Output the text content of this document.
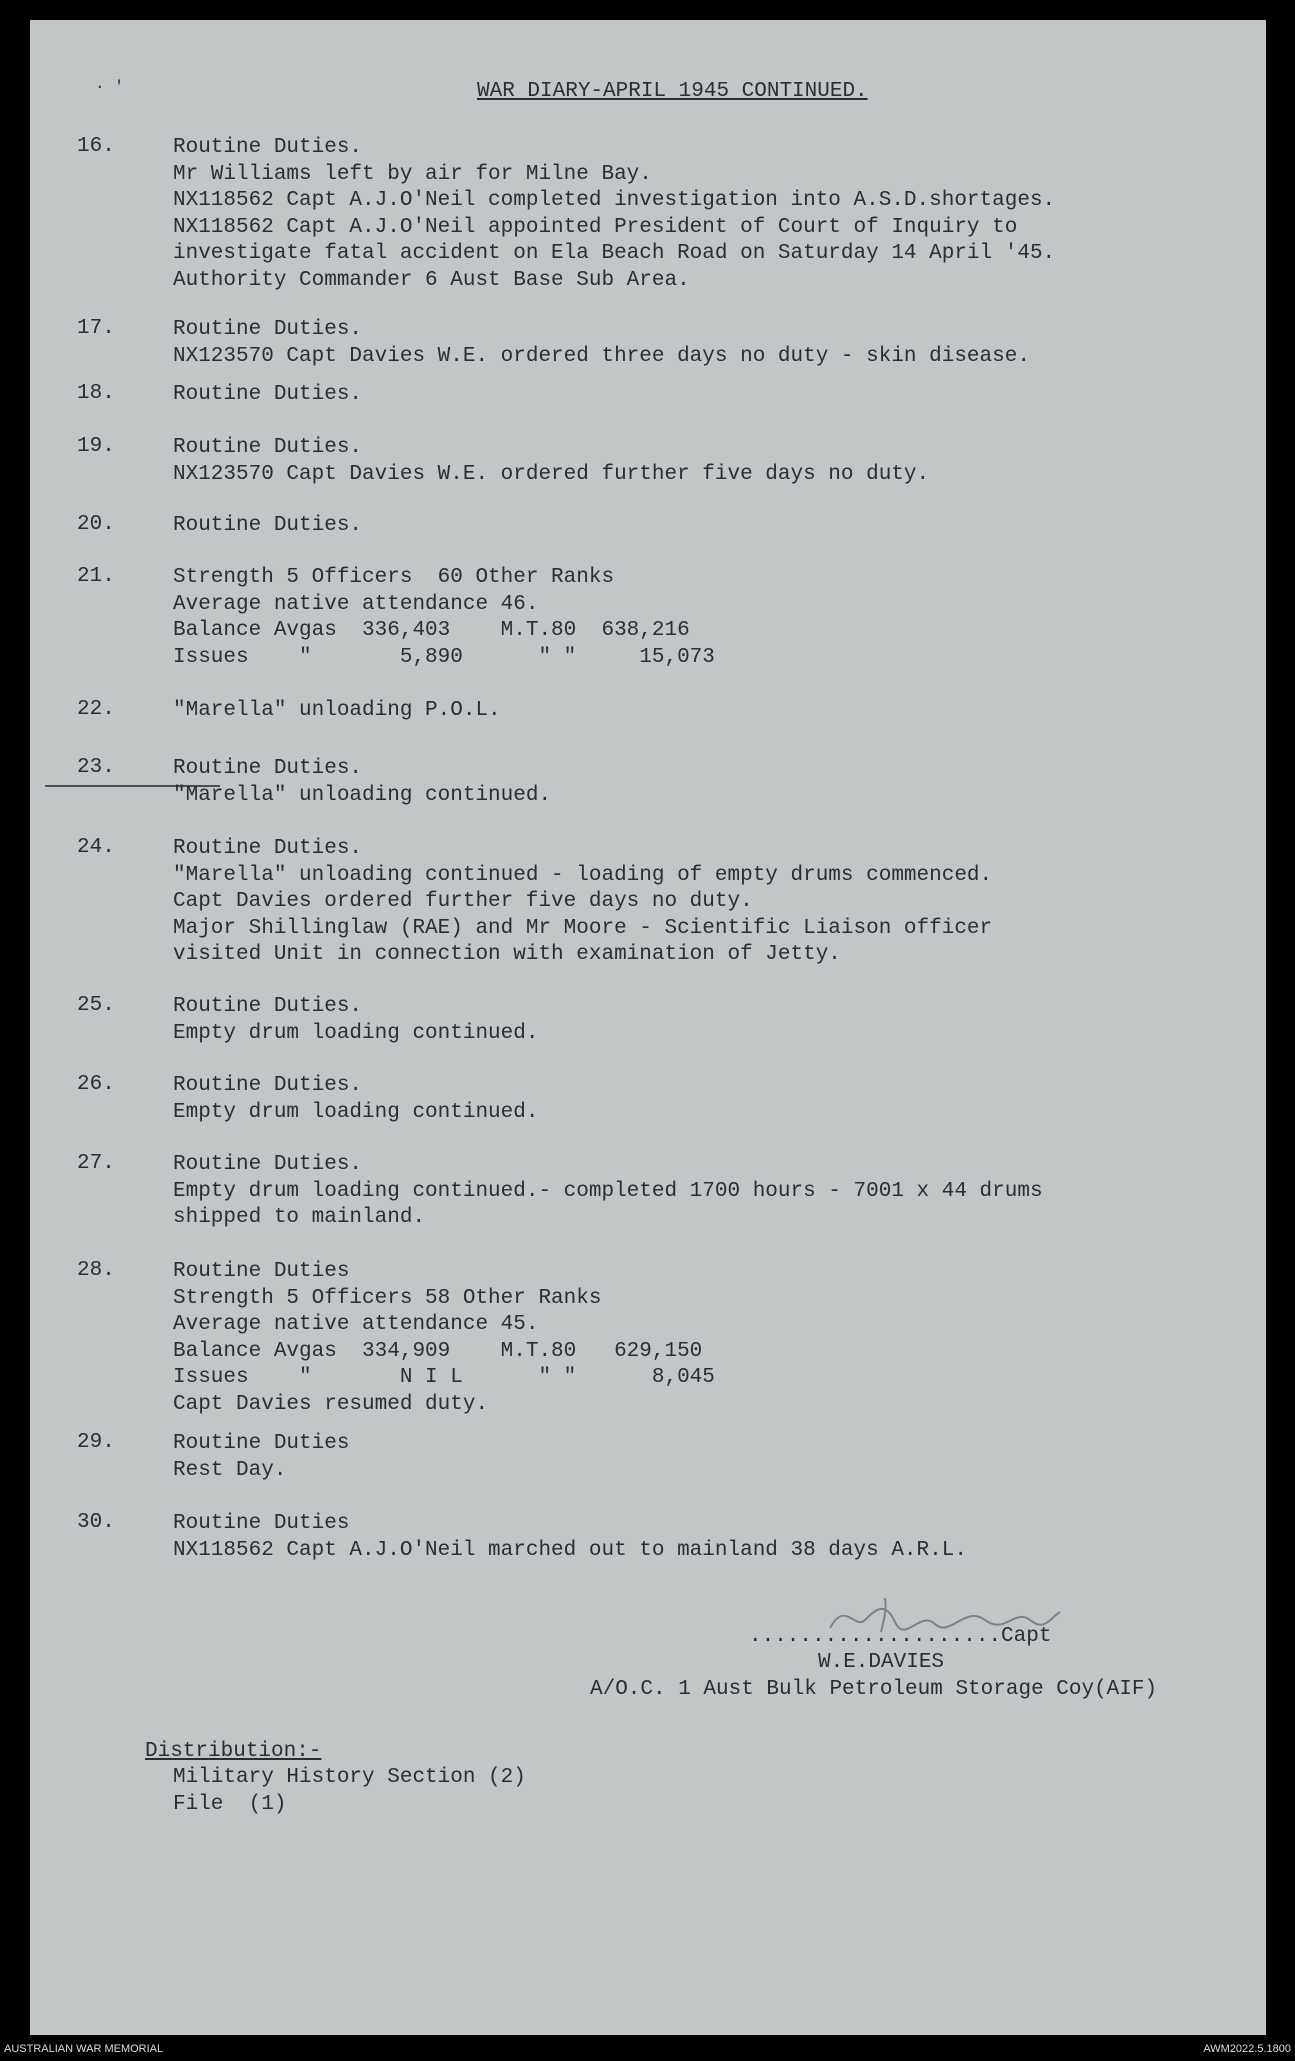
· '	WAR DIARY-APRIL 1945 CONTINUED.
16.	Routine Duties.
Mr Williams left by air for Milne Bay.
NX118562 Capt A.J.O'Neil completed investigation into A.S.D.shortages.
NX118562 Capt A.J.O'Neil appointed President of Court of Inquiry to
investigate fatal accident on Ela Beach Road on Saturday 14 April '45.
Authority Commander 6 Aust Base Sub Area.
17.	Routine Duties.
NX123570 Capt Davies W.E. ordered three days no duty - skin disease.
18.	Routine Duties.
19.	Routine Duties.
NX123570 Capt Davies W.E. ordered further five days no duty.
20.	Routine Duties.
21.	Strength 5 Officers  60 Other Ranks
Average native attendance 46.
Balance Avgas  336,403    M.T.80  638,216
Issues    "       5,890      " "     15,073
22.	"Marella" unloading P.O.L.
23.	Routine Duties.
"Marella" unloading continued.
24.	Routine Duties.
"Marella" unloading continued - loading of empty drums commenced.
Capt Davies ordered further five days no duty.
Major Shillinglaw (RAE) and Mr Moore - Scientific Liaison officer
visited Unit in connection with examination of Jetty.
25.	Routine Duties.
Empty drum loading continued.
26.	Routine Duties.
Empty drum loading continued.
27.	Routine Duties.
Empty drum loading continued.- completed 1700 hours - 7001 x 44 drums
shipped to mainland.
28.	Routine Duties
Strength 5 Officers 58 Other Ranks
Average native attendance 45.
Balance Avgas  334,909    M.T.80   629,150
Issues    "       N I L      " "      8,045
Capt Davies resumed duty.
29.	Routine Duties
Rest Day.
30.	Routine Duties
NX118562 Capt A.J.O'Neil marched out to mainland 38 days A.R.L.
....................Capt
W.E.DAVIES
A/O.C. 1 Aust Bulk Petroleum Storage Coy(AIF)
Distribution:-
Military History Section (2)
File  (1)
AUSTRALIAN WAR MEMORIAL	AWM2022.5.1800
